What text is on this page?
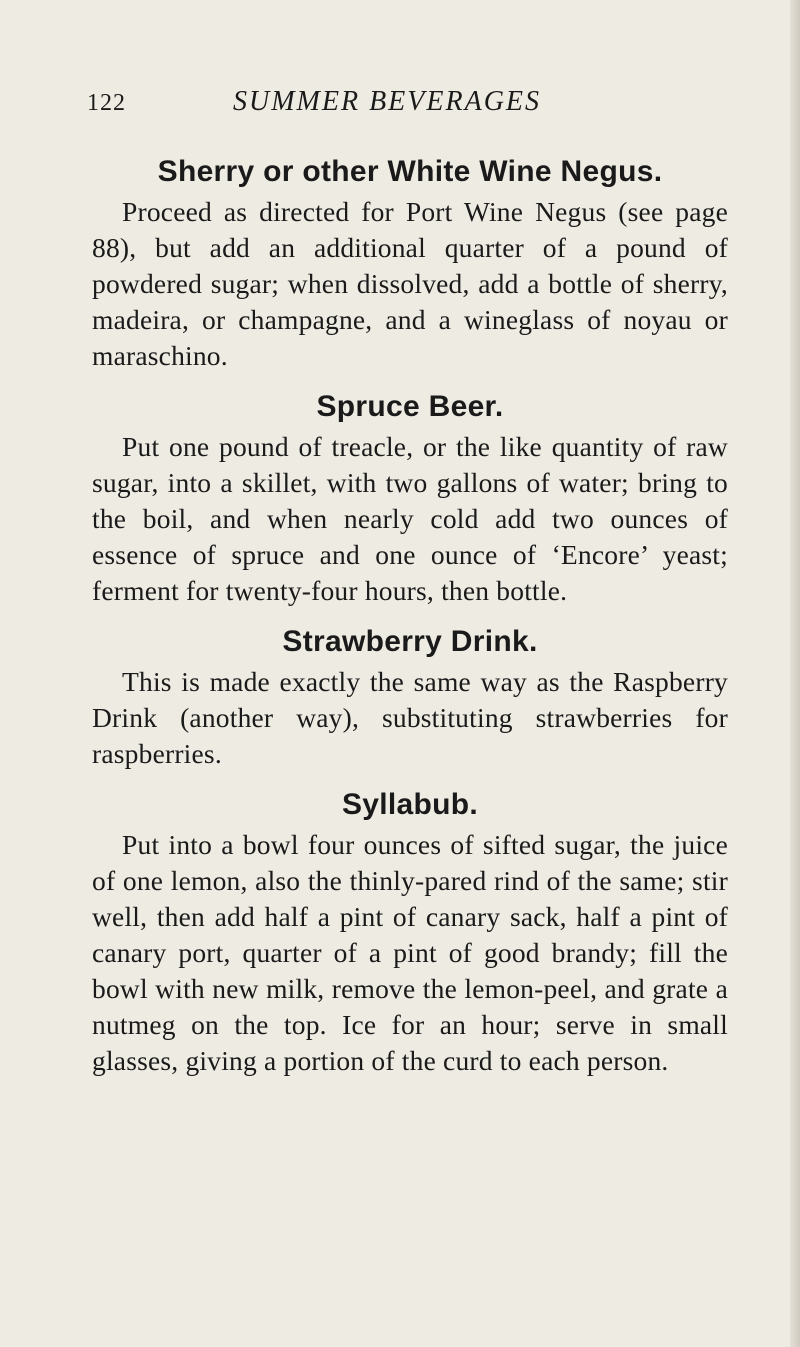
122	SUMMER BEVERAGES
Sherry or other White Wine Negus.

Proceed as directed for Port Wine Negus (see page 88), but add an additional quarter of a pound of powdered sugar; when dissolved, add a bottle of sherry, madeira, or champagne, and a wineglass of noyau or maraschino.

Spruce Beer.

Put one pound of treacle, or the like quantity of raw sugar, into a skillet, with two gallons of water; bring to the boil, and when nearly cold add two ounces of essence of spruce and one ounce of ‘Encore’ yeast; ferment for twenty-four hours, then bottle.

Strawberry Drink.

This is made exactly the same way as the Raspberry Drink (another way), substituting strawberries for raspberries.

Syllabub.

Put into a bowl four ounces of sifted sugar, the juice of one lemon, also the thinly-pared rind of the same; stir well, then add half a pint of canary sack, half a pint of canary port, quarter of a pint of good brandy; fill the bowl with new milk, remove the lemon-peel, and grate a nutmeg on the top. Ice for an hour; serve in small glasses, giving a portion of the curd to each person.
